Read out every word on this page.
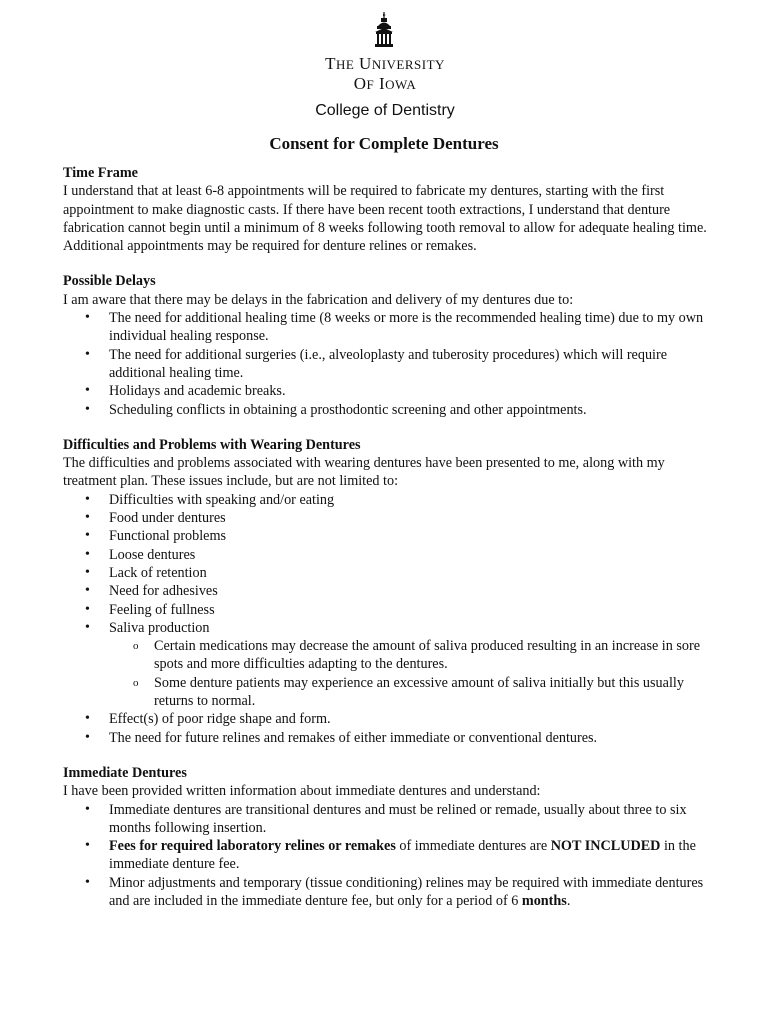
THE UNIVERSITY
OF IOWA
College of Dentistry
Consent for Complete Dentures
Time Frame

I understand that at least 6-8 appointments will be required to fabricate my dentures, starting with the first appointment to make diagnostic casts. If there have been recent tooth extractions, I understand that denture fabrication cannot begin until a minimum of 8 weeks following tooth removal to allow for adequate healing time. Additional appointments may be required for denture relines or remakes.

Possible Delays

I am aware that there may be delays in the fabrication and delivery of my dentures due to:

• The need for additional healing time (8 weeks or more is the recommended healing time) due to my own individual healing response.
• The need for additional surgeries (i.e., alveoloplasty and tuberosity procedures) which will require additional healing time.
• Holidays and academic breaks.
• Scheduling conflicts in obtaining a prosthodontic screening and other appointments.
Difficulties and Problems with Wearing Dentures

The difficulties and problems associated with wearing dentures have been presented to me, along with my treatment plan. These issues include, but are not limited to:

• Difficulties with speaking and/or eating
• Food under dentures
• Functional problems
• Loose dentures
• Lack of retention
• Need for adhesives
• Feeling of fullness
• Saliva production
o Certain medications may decrease the amount of saliva produced resulting in an increase in sore spots and more difficulties adapting to the dentures.
o Some denture patients may experience an excessive amount of saliva initially but this usually returns to normal.
• Effect(s) of poor ridge shape and form.
• The need for future relines and remakes of either immediate or conventional dentures.
Immediate Dentures

I have been provided written information about immediate dentures and understand:

• Immediate dentures are transitional dentures and must be relined or remade, usually about three to six months following insertion.
• Fees for required laboratory relines or remakes of immediate dentures are NOT INCLUDED in the immediate denture fee.
• Minor adjustments and temporary (tissue conditioning) relines may be required with immediate dentures and are included in the immediate denture fee, but only for a period of 6 months.
